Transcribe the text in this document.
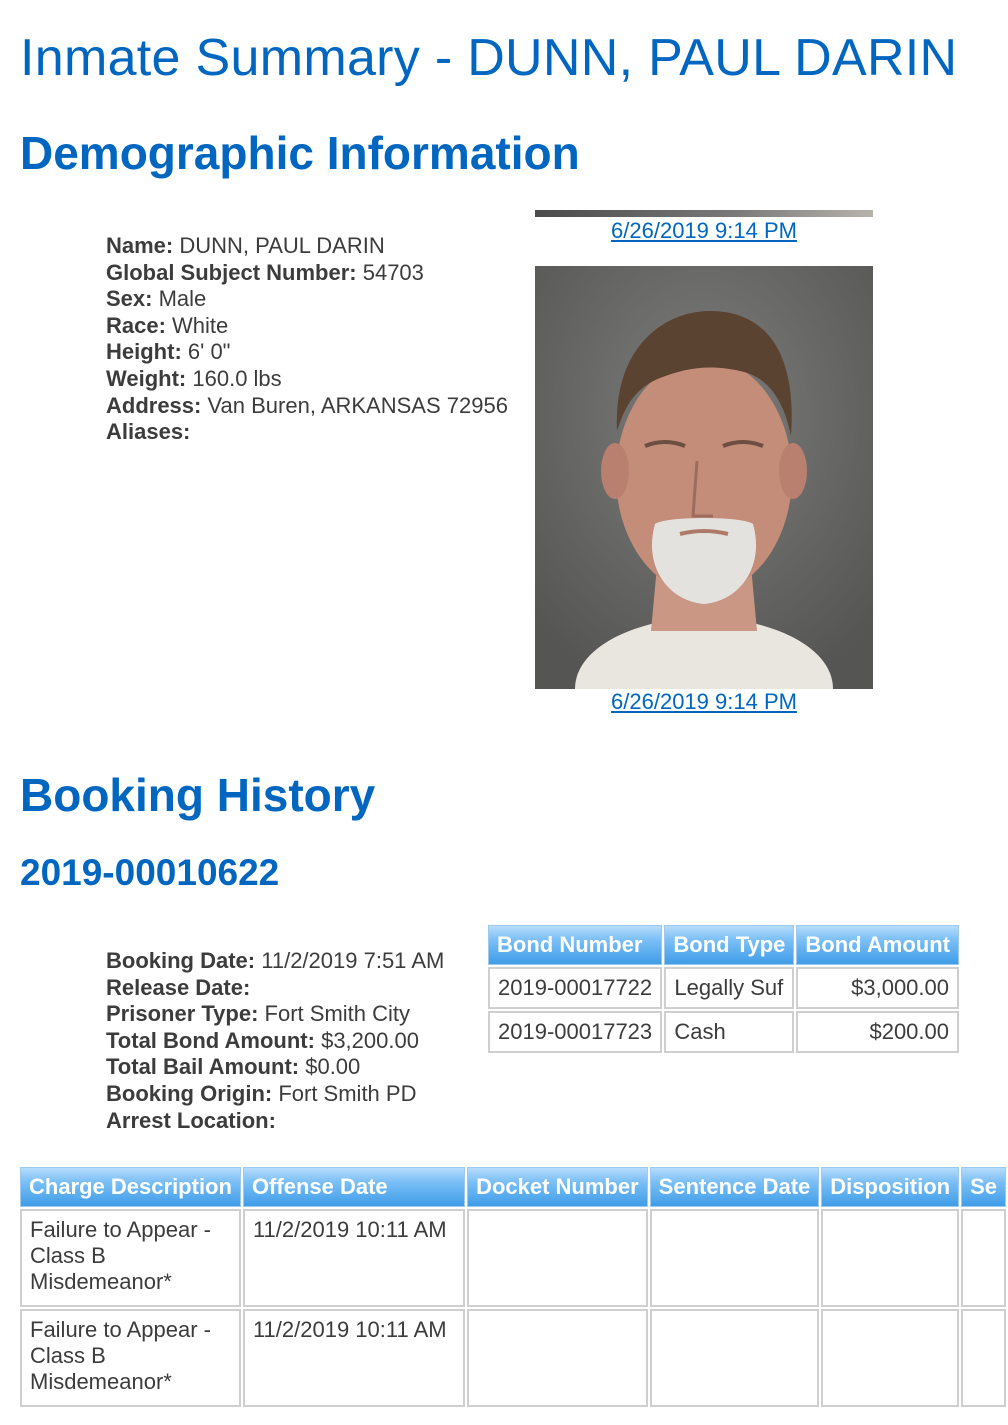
Inmate Summary - DUNN, PAUL DARIN
Demographic Information
Name: DUNN, PAUL DARIN
Global Subject Number: 54703
Sex: Male
Race: White
Height: 6' 0"
Weight: 160.0 lbs
Address: Van Buren, ARKANSAS 72956
Aliases:
6/26/2019 9:14 PM
6/26/2019 9:14 PM
Booking History
2019-00010622
Booking Date: 11/2/2019 7:51 AM
Release Date:
Prisoner Type: Fort Smith City
Total Bond Amount: $3,200.00
Total Bail Amount: $0.00
Booking Origin: Fort Smith PD
Arrest Location:
Bond Number	Bond Type	Bond Amount
2019-00017722	Legally Suf	$3,000.00
2019-00017723	Cash	$200.00
Charge Description	Offense Date	Docket Number	Sentence Date	Disposition	Se
Failure to Appear - Class B Misdemeanor*	11/2/2019 10:11 AM				
Failure to Appear - Class B Misdemeanor*	11/2/2019 10:11 AM				
